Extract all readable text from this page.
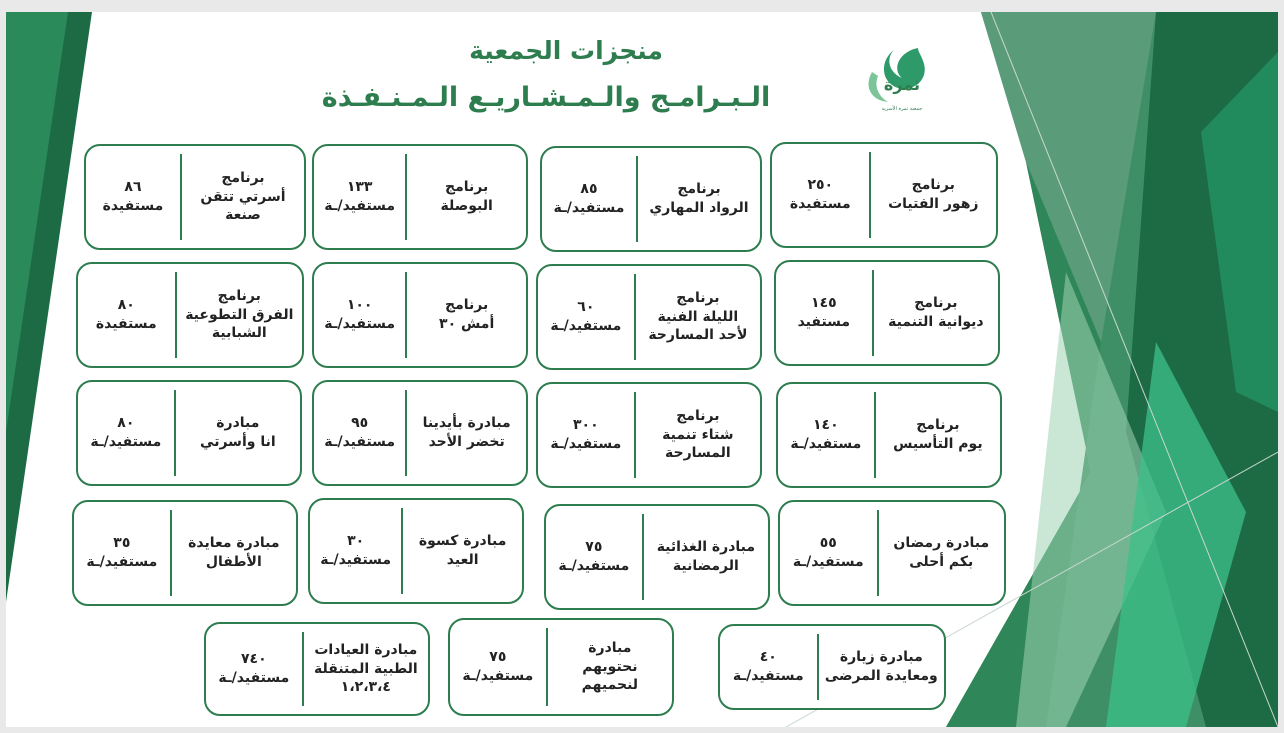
منجزات الجمعية
الـبـرامـج والـمـشـاريـع الـمـنـفـذة	ثمرة
جمعية ثمرة الأسرية
برنامج
زهور الفتيات
٢٥٠
مستفيدة
برنامج
الرواد المهاري
٨٥
مستفيد/ـة
برنامج
البوصلة
١٣٣
مستفيد/ـة
برنامج
أسرتي تتقن صنعة
٨٦
مستفيدة
برنامج
ديوانية التنمية
١٤٥
مستفيد
برنامج
الليلة الفنية
لأحد المسارحة
٦٠
مستفيد/ـة
برنامج
أمش ٣٠
١٠٠
مستفيد/ـة
برنامج
الفرق التطوعية
الشبابية
٨٠
مستفيدة
برنامج
يوم التأسيس
١٤٠
مستفيد/ـة
برنامج
شتاء تنمية
المسارحة
٣٠٠
مستفيد/ـة
مبادرة بأيدينا
تخضر الأحد
٩٥
مستفيد/ـة
مبادرة
انا وأسرتي
٨٠
مستفيد/ـة
مبادرة رمضان
بكم أحلى
٥٥
مستفيد/ـة
مبادرة الغذائية
الرمضانية
٧٥
مستفيد/ـة
مبادرة كسوة
العيد
٣٠
مستفيد/ـة
مبادرة معايدة
الأطفال
٣٥
مستفيد/ـة
مبادرة زيارة
ومعايدة المرضى
٤٠
مستفيد/ـة
مبادرة
نحتويهم
لنحميهم
٧٥
مستفيد/ـة
مبادرة العيادات
الطبية المتنقلة
١،٢،٣،٤
٧٤٠
مستفيد/ـة
